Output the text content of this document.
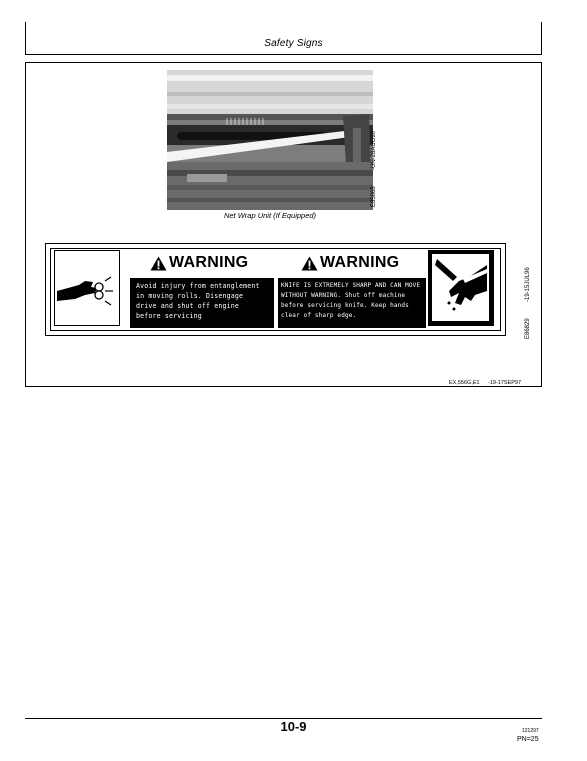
Safety Signs
-UN-28AUG90
E85868
Net Wrap Unit (If Equipped)
WARNING
Avoid injury from entanglement
in moving rolls. Disengage
drive and shut off engine
before servicing
WARNING
KNIFE IS EXTREMELY SHARP AND CAN MOVE
WITHOUT WARNING. Shut off machine
before servicing knife. Keep hands
clear of sharp edge.
-19-15JUL96
E86829
EX,556G,E1 -19-17SEP97
10-9	121297
PN=25
